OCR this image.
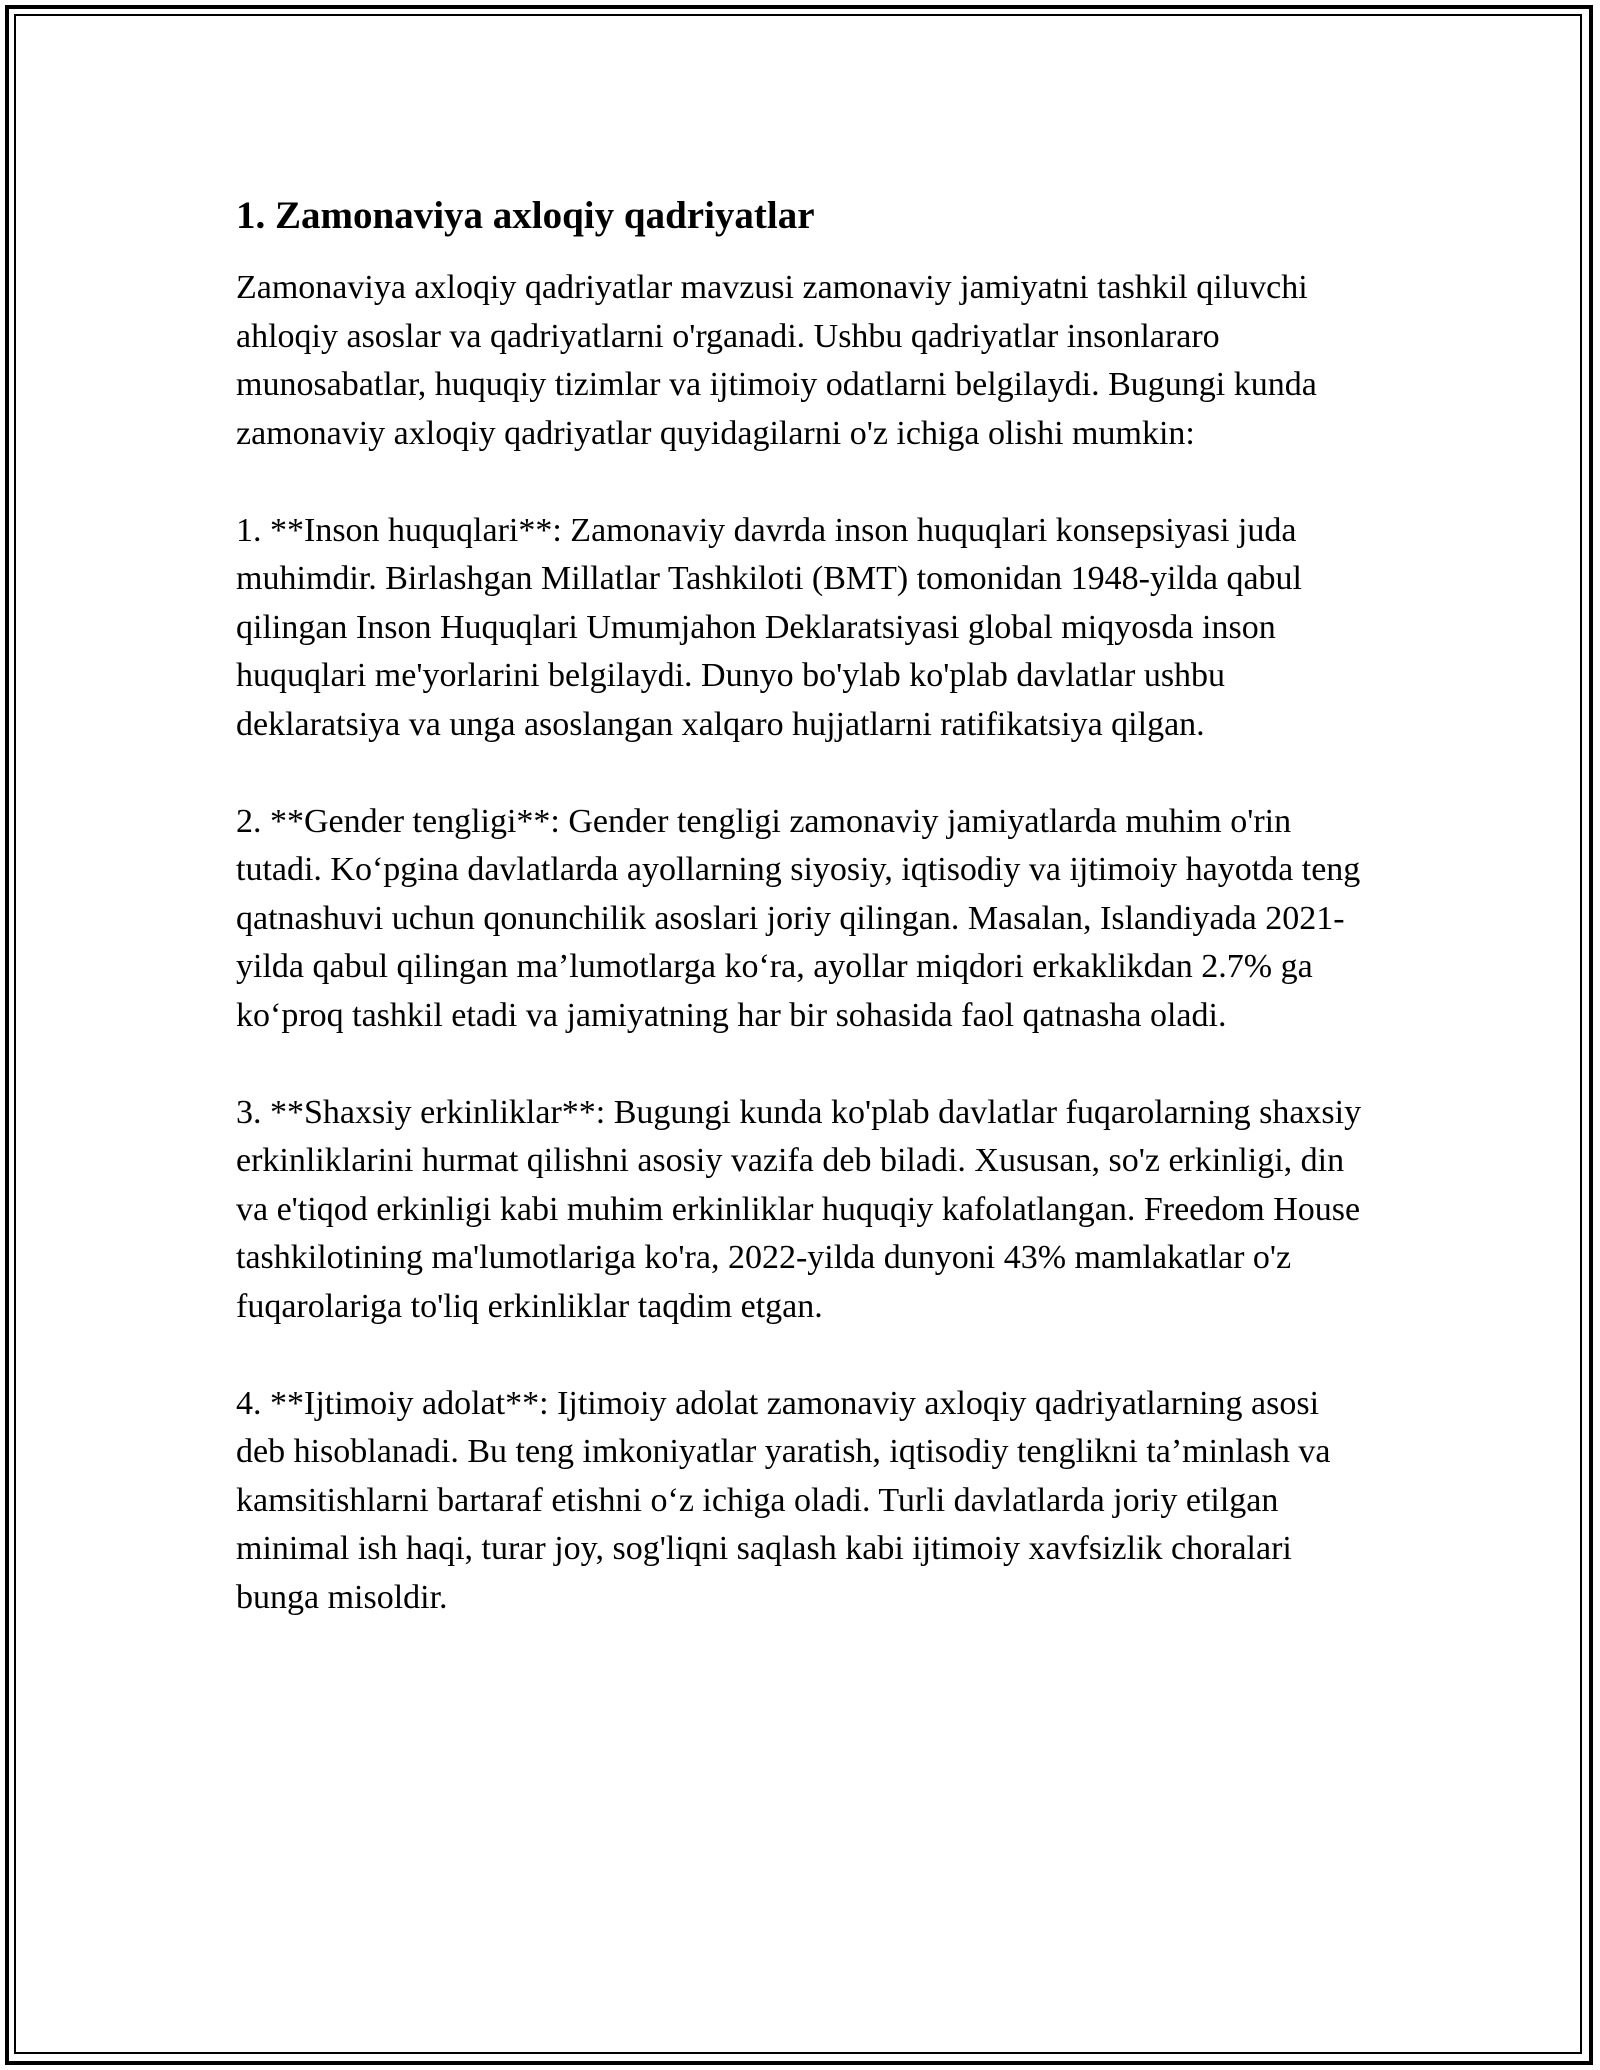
1. Zamonaviya axloqiy qadriyatlar

Zamonaviya axloqiy qadriyatlar mavzusi zamonaviy jamiyatni tashkil qiluvchi ahloqiy asoslar va qadriyatlarni o'rganadi. Ushbu qadriyatlar insonlararo munosabatlar, huquqiy tizimlar va ijtimoiy odatlarni belgilaydi. Bugungi kunda zamonaviy axloqiy qadriyatlar quyidagilarni o'z ichiga olishi mumkin:

1. **Inson huquqlari**: Zamonaviy davrda inson huquqlari konsepsiyasi juda muhimdir. Birlashgan Millatlar Tashkiloti (BMT) tomonidan 1948-yilda qabul qilingan Inson Huquqlari Umumjahon Deklaratsiyasi global miqyosda inson huquqlari me'yorlarini belgilaydi. Dunyo bo'ylab ko'plab davlatlar ushbu deklaratsiya va unga asoslangan xalqaro hujjatlarni ratifikatsiya qilgan.

2. **Gender tengligi**: Gender tengligi zamonaviy jamiyatlarda muhim o'rin tutadi. Ko‘pgina davlatlarda ayollarning siyosiy, iqtisodiy va ijtimoiy hayotda teng qatnashuvi uchun qonunchilik asoslari joriy qilingan. Masalan, Islandiyada 2021-yilda qabul qilingan ma’lumotlarga ko‘ra, ayollar miqdori erkaklikdan 2.7% ga ko‘proq tashkil etadi va jamiyatning har bir sohasida faol qatnasha oladi.

3. **Shaxsiy erkinliklar**: Bugungi kunda ko'plab davlatlar fuqarolarning shaxsiy erkinliklarini hurmat qilishni asosiy vazifa deb biladi. Xususan, so'z erkinligi, din va e'tiqod erkinligi kabi muhim erkinliklar huquqiy kafolatlangan. Freedom House tashkilotining ma'lumotlariga ko'ra, 2022-yilda dunyoni 43% mamlakatlar o'z fuqarolariga to'liq erkinliklar taqdim etgan.

4. **Ijtimoiy adolat**: Ijtimoiy adolat zamonaviy axloqiy qadriyatlarning asosi deb hisoblanadi. Bu teng imkoniyatlar yaratish, iqtisodiy tenglikni ta’minlash va kamsitishlarni bartaraf etishni o‘z ichiga oladi. Turli davlatlarda joriy etilgan minimal ish haqi, turar joy, sog'liqni saqlash kabi ijtimoiy xavfsizlik choralari bunga misoldir.
